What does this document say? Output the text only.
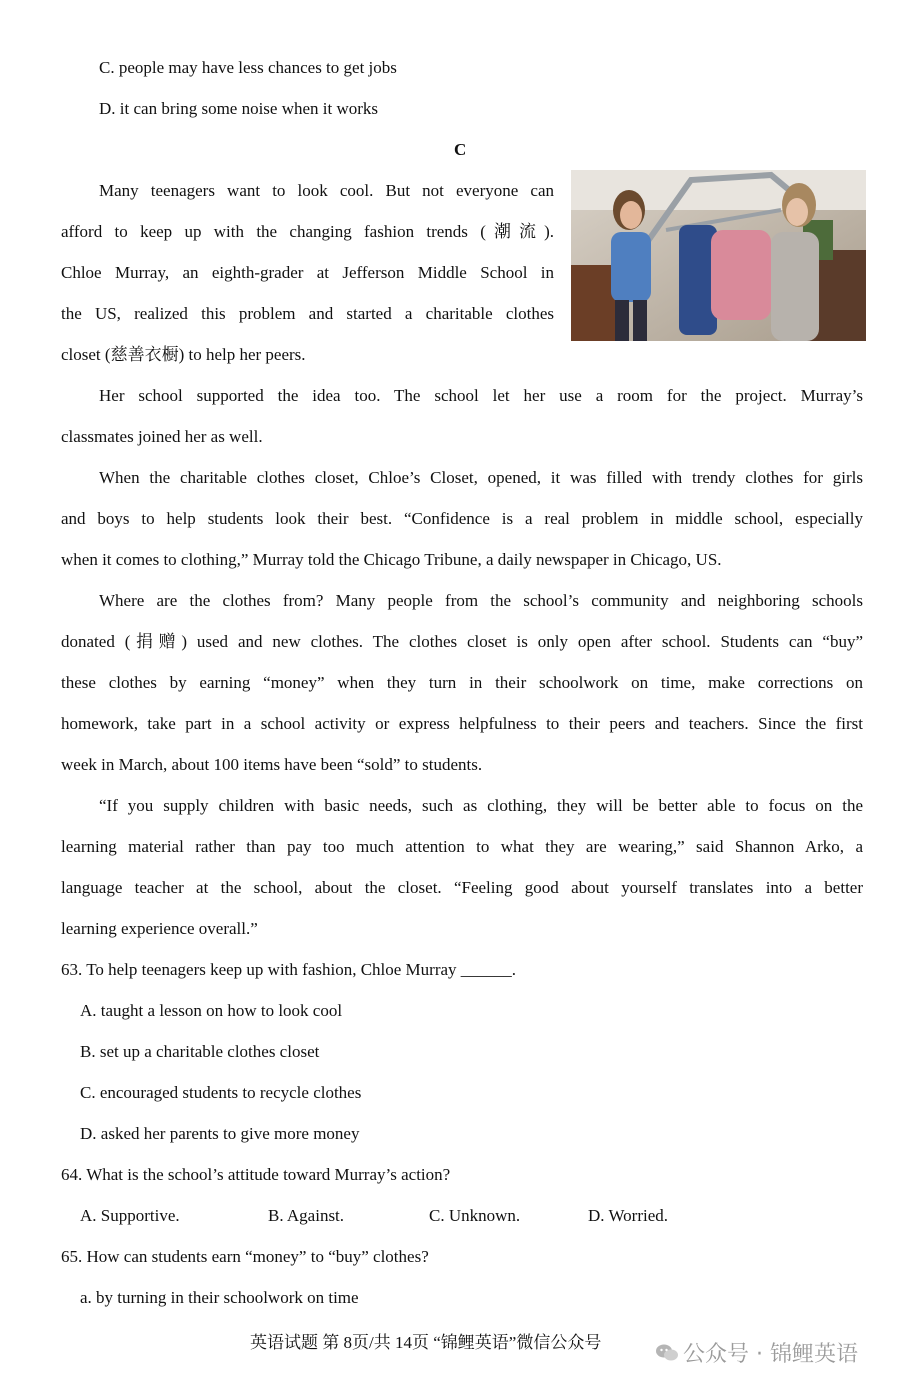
C. people may have less chances to get jobs
D. it can bring some noise when it works
C
Many teenagers want to look cool. But not everyone can
afford to keep up with the changing fashion trends (潮流).
Chloe Murray, an eighth-grader at Jefferson Middle School in
the US, realized this problem and started a charitable clothes
closet (慈善衣橱) to help her peers.
Her school supported the idea too. The school let her use a room for the project. Murray’s
classmates joined her as well.
When the charitable clothes closet, Chloe’s Closet, opened, it was filled with trendy clothes for girls
and boys to help students look their best. “Confidence is a real problem in middle school, especially
when it comes to clothing,” Murray told the Chicago Tribune, a daily newspaper in Chicago, US.
Where are the clothes from? Many people from the school’s community and neighboring schools
donated (捐赠) used and new clothes. The clothes closet is only open after school. Students can “buy”
these clothes by earning “money” when they turn in their schoolwork on time, make corrections on
homework, take part in a school activity or express helpfulness to their peers and teachers. Since the first
week in March, about 100 items have been “sold” to students.
“If you supply children with basic needs, such as clothing, they will be better able to focus on the
learning material rather than pay too much attention to what they are wearing,” said Shannon Arko, a
language teacher at the school, about the closet. “Feeling good about yourself translates into a better
learning experience overall.”
63. To help teenagers keep up with fashion, Chloe Murray ______.
A. taught a lesson on how to look cool
B. set up a charitable clothes closet
C. encouraged students to recycle clothes
D. asked her parents to give more money
64. What is the school’s attitude toward Murray’s action?
A. Supportive.	B. Against.	C. Unknown.	D. Worried.
65. How can students earn “money” to “buy” clothes?
a. by turning in their schoolwork on time
英语试题 第 8页/共 14页 “锦鲤英语”微信公众号	公众号 · 锦鲤英语
